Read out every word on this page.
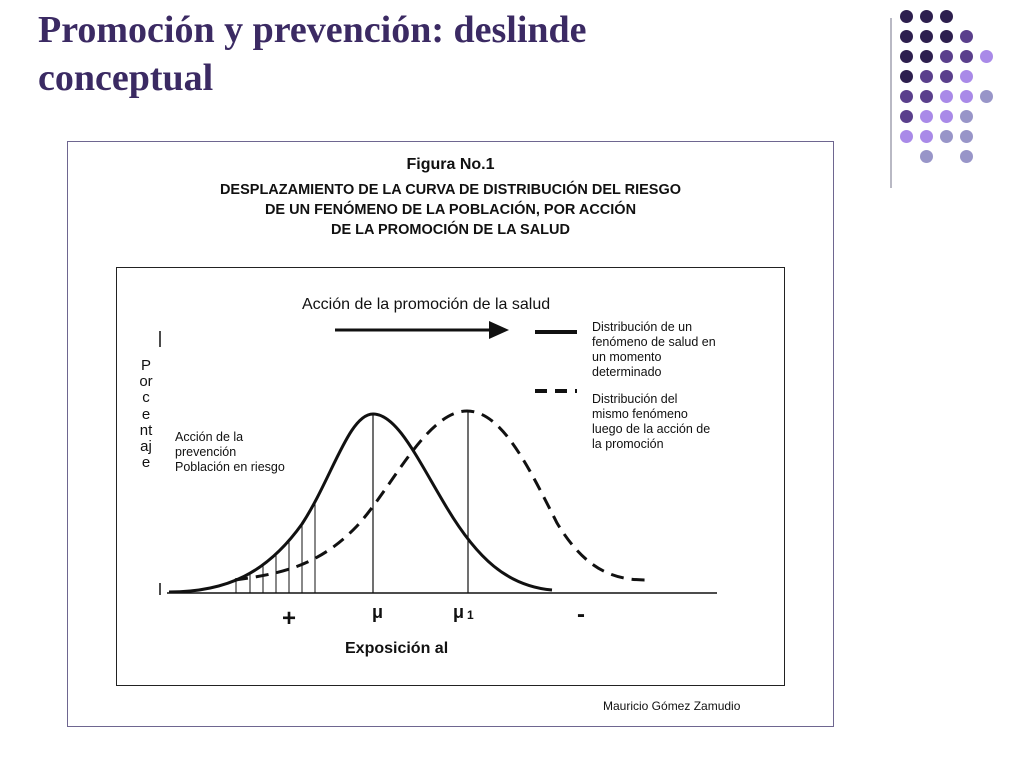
Promoción y prevención: deslinde
conceptual
Figura No.1
DESPLAZAMIENTO DE LA CURVA DE DISTRIBUCIÓN DEL RIESGO
DE UN FENÓMENO DE LA POBLACIÓN, POR ACCIÓN
DE LA PROMOCIÓN DE LA SALUD
Acción de la promoción de la salud
Distribución de un
fenómeno de salud en
un momento
determinado
Distribución del
mismo fenómeno
luego de la acción de
la promoción
Porcentaje
Acción de la
prevención
Población en riesgo
+	μ	μ $_1$	-
Exposición al
Mauricio Gómez Zamudio
